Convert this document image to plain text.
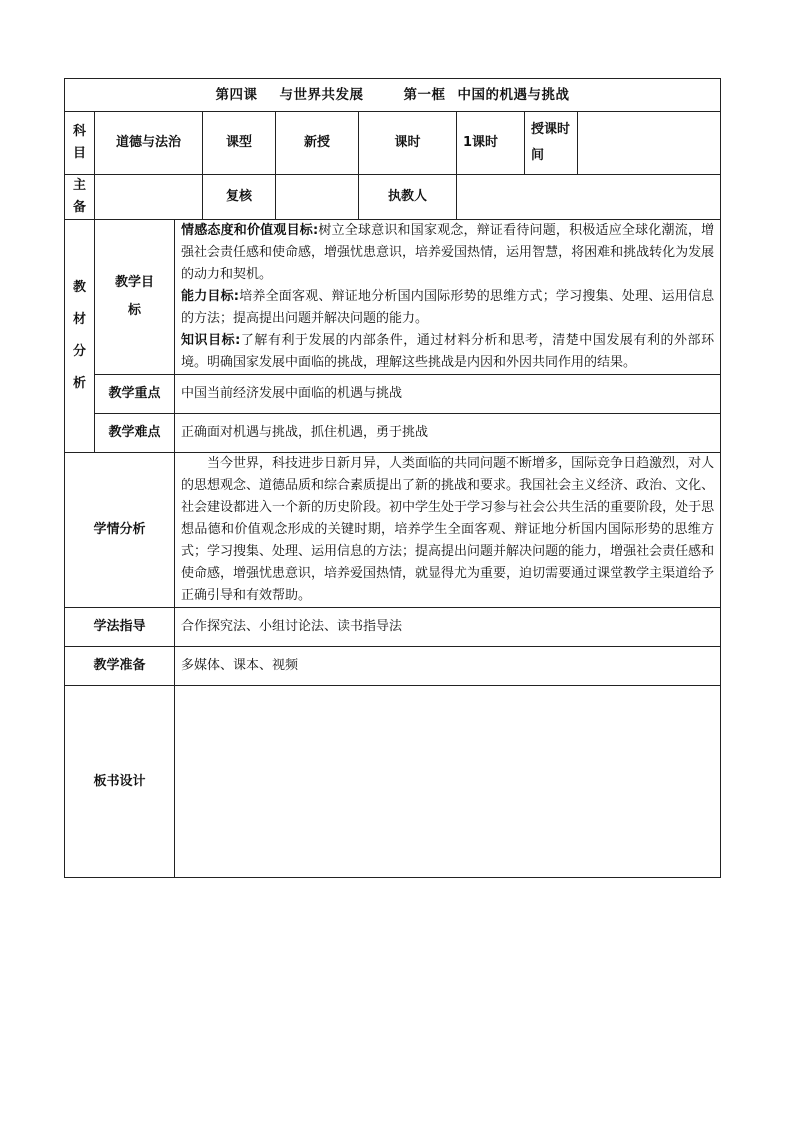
第四课 与世界共发展 第一框 中国的机遇与挑战								
科目	道德与法治		课型	新授	课时	1课时	授课时间	
主备			复核		执教人			

教材分析	教学目标	情感态度和价值观目标:树立全球意识和国家观念，辩证看待问题，积极适应全球化潮流，增强社会责任感和使命感，增强忧患意识，培养爱国热情，运用智慧，将困难和挑战转化为发展的动力和契机。

能力目标:培养全面客观、辩证地分析国内国际形势的思维方式；学习搜集、处理、运用信息的方法；提高提出问题并解决问题的能力。

知识目标:了解有利于发展的内部条件，通过材料分析和思考，清楚中国发展有利的外部环境。明确国家发展中面临的挑战，理解这些挑战是内因和外因共同作用的结果。						

	教学重点	中国当前经济发展中面临的机遇与挑战						
	教学难点	正确面对机遇与挑战，抓住机遇，勇于挑战						
学情分析		当今世界，科技进步日新月异，人类面临的共同问题不断增多，国际竞争日趋激烈，对人的思想观念、道德品质和综合素质提出了新的挑战和要求。我国社会主义经济、政治、文化、社会建设都进入一个新的历史阶段。初中学生处于学习参与社会公共生活的重要阶段，处于思想品德和价值观念形成的关键时期，培养学生全面客观、辩证地分析国内国际形势的思维方式；学习搜集、处理、运用信息的方法；提高提出问题并解决问题的能力，增强社会责任感和使命感，增强忧患意识，培养爱国热情，就显得尤为重要，迫切需要通过课堂教学主渠道给予正确引导和有效帮助。						

学法指导		合作探究法、小组讨论法、读书指导法						
教学准备		多媒体、课本、视频						
板书设计								
